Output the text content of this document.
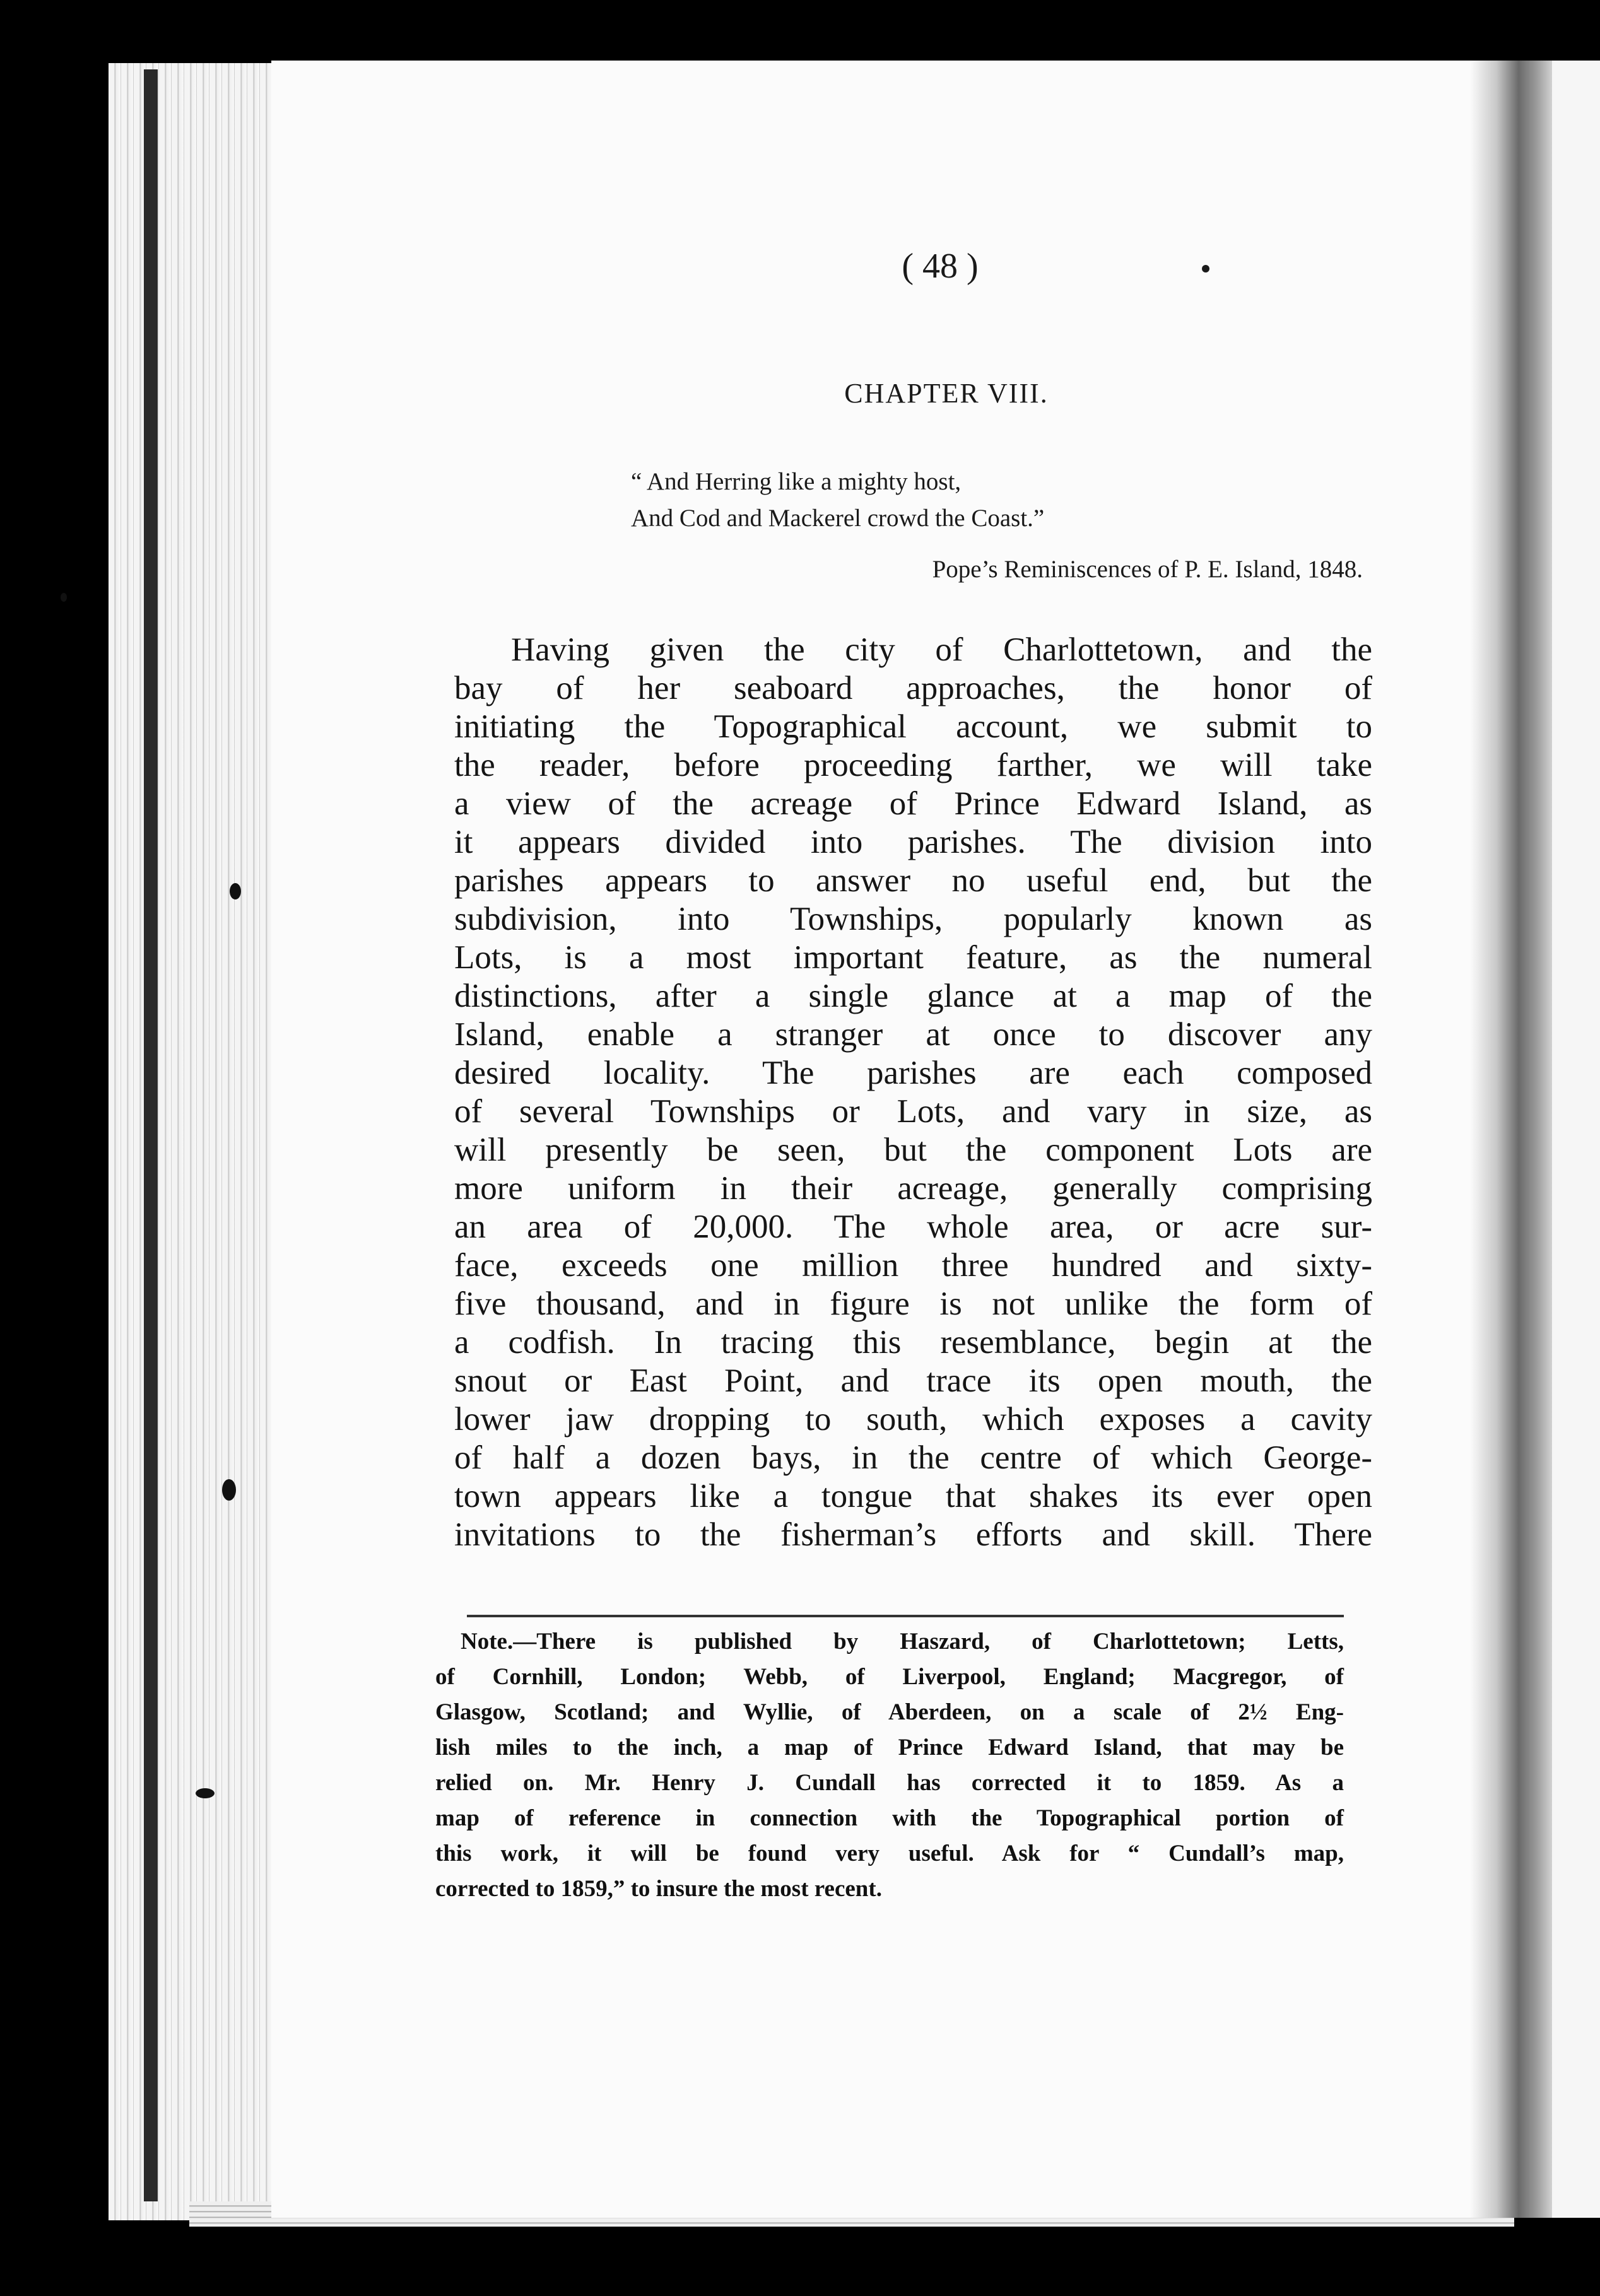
( 48 )
CHAPTER VIII.
“ And Herring like a mighty host,
And Cod and Mackerel crowd the Coast.”
Pope’s Reminiscences of P. E. Island, 1848.
Having given the city of Charlottetown, and the
bay of her seaboard approaches, the honor of
initiating the Topographical account, we submit to
the reader, before proceeding farther, we will take
a view of the acreage of Prince Edward Island, as
it appears divided into parishes. The division into
parishes appears to answer no useful end, but the
subdivision, into Townships, popularly known as
Lots, is a most important feature, as the numeral
distinctions, after a single glance at a map of the
Island, enable a stranger at once to discover any
desired locality. The parishes are each composed
of several Townships or Lots, and vary in size, as
will presently be seen, but the component Lots are
more uniform in their acreage, generally comprising
an area of 20,000. The whole area, or acre sur-
face, exceeds one million three hundred and sixty-
five thousand, and in figure is not unlike the form of
a codfish. In tracing this resemblance, begin at the
snout or East Point, and trace its open mouth, the
lower jaw dropping to south, which exposes a cavity
of half a dozen bays, in the centre of which George-
town appears like a tongue that shakes its ever open
invitations to the fisherman’s efforts and skill. There
Note.—There is published by Haszard, of Charlottetown; Letts,
of Cornhill, London; Webb, of Liverpool, England; Macgregor, of
Glasgow, Scotland; and Wyllie, of Aberdeen, on a scale of 2½ Eng-
lish miles to the inch, a map of Prince Edward Island, that may be
relied on. Mr. Henry J. Cundall has corrected it to 1859. As a
map of reference in connection with the Topographical portion of
this work, it will be found very useful. Ask for “ Cundall’s map,
corrected to 1859,” to insure the most recent.
